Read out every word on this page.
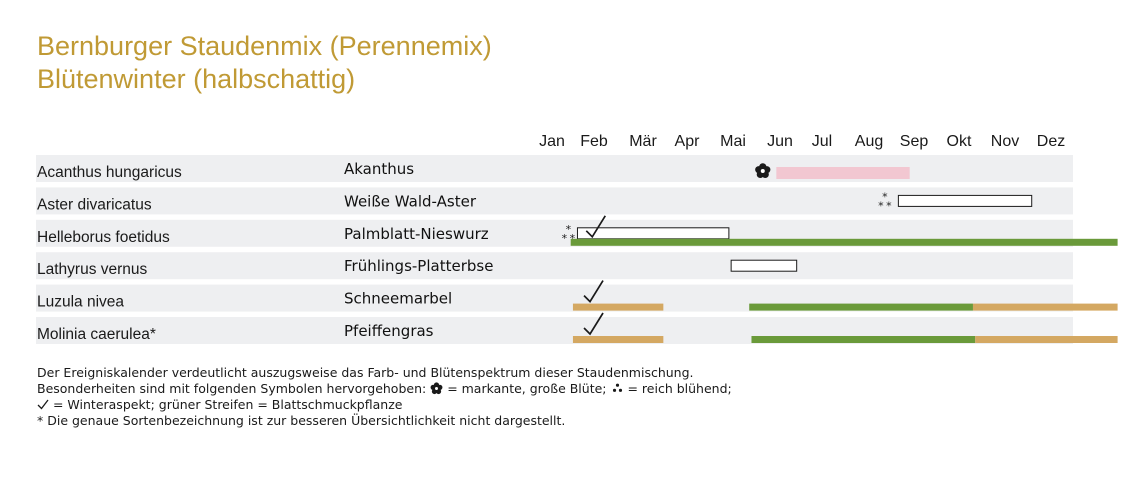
Bernburger Staudenmix (Perennemix)
Blütenwinter (halbschattig)
Jan Feb Mär Apr Mai Jun Jul Aug Sep Okt Nov Dez
Acanthus hungaricus	Akanthus
Aster divaricatus	Weiße Wald-Aster	*
* *
Helleborus foetidus	Palmblatt-Nieswurz	*
* *
Lathyrus vernus	Frühlings-Platterbse
Luzula nivea	Schneemarbel
Molinia caerulea*	Pfeiffengras
Der Ereigniskalender verdeutlicht auszugsweise das Farb- und Blütenspektrum dieser Staudenmischung.
Besonderheiten sind mit folgenden Symbolen hervorgehoben:  = markante, große Blüte; = reich blühend;
= Winteraspekt; grüner Streifen = Blattschmuckpflanze
* Die genaue Sortenbezeichnung ist zur besseren Übersichtlichkeit nicht dargestellt.
